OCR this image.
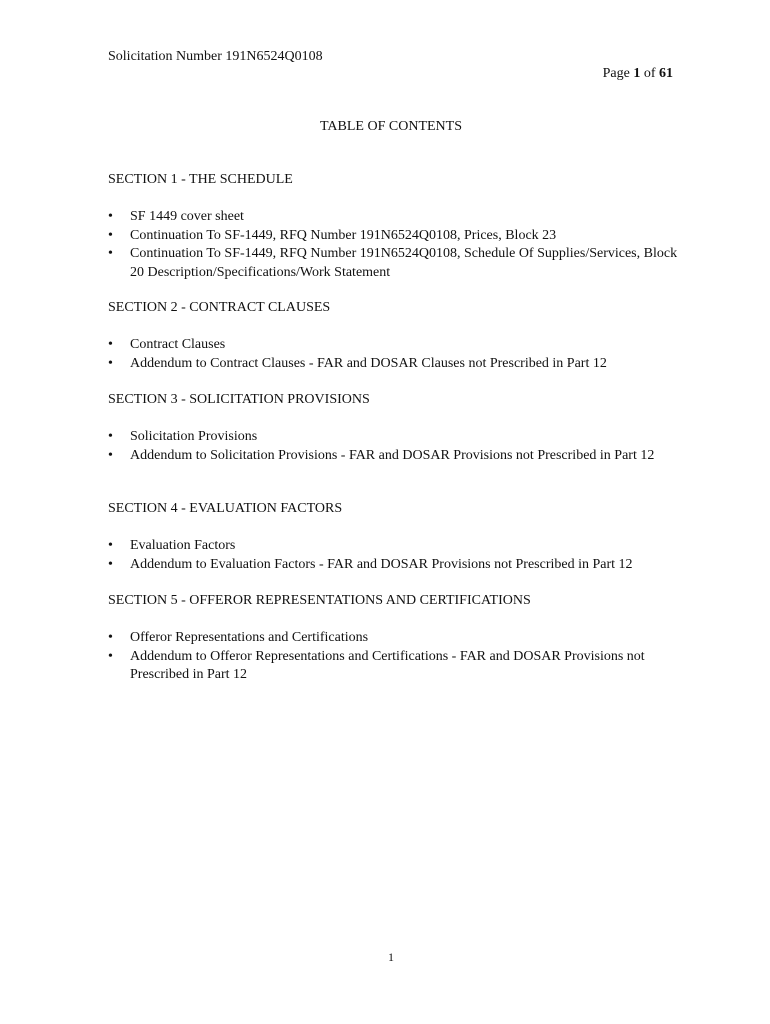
Solicitation Number 191N6524Q0108
Page 1 of 61
TABLE OF CONTENTS
SECTION 1 - THE SCHEDULE
•	SF 1449 cover sheet
•	Continuation To SF-1449, RFQ Number 191N6524Q0108, Prices, Block 23
•	Continuation To SF-1449, RFQ Number 191N6524Q0108, Schedule Of Supplies/Services, Block 20 Description/Specifications/Work Statement
SECTION 2 - CONTRACT CLAUSES
•	Contract Clauses
•	Addendum to Contract Clauses - FAR and DOSAR Clauses not Prescribed in Part 12
SECTION 3 - SOLICITATION PROVISIONS
•	Solicitation Provisions
•	Addendum to Solicitation Provisions - FAR and DOSAR Provisions not Prescribed in Part 12
SECTION 4 - EVALUATION FACTORS
•	Evaluation Factors
•	Addendum to Evaluation Factors - FAR and DOSAR Provisions not Prescribed in Part 12
SECTION 5 - OFFEROR REPRESENTATIONS AND CERTIFICATIONS
•	Offeror Representations and Certifications
•	Addendum to Offeror Representations and Certifications - FAR and DOSAR Provisions not Prescribed in Part 12
1
